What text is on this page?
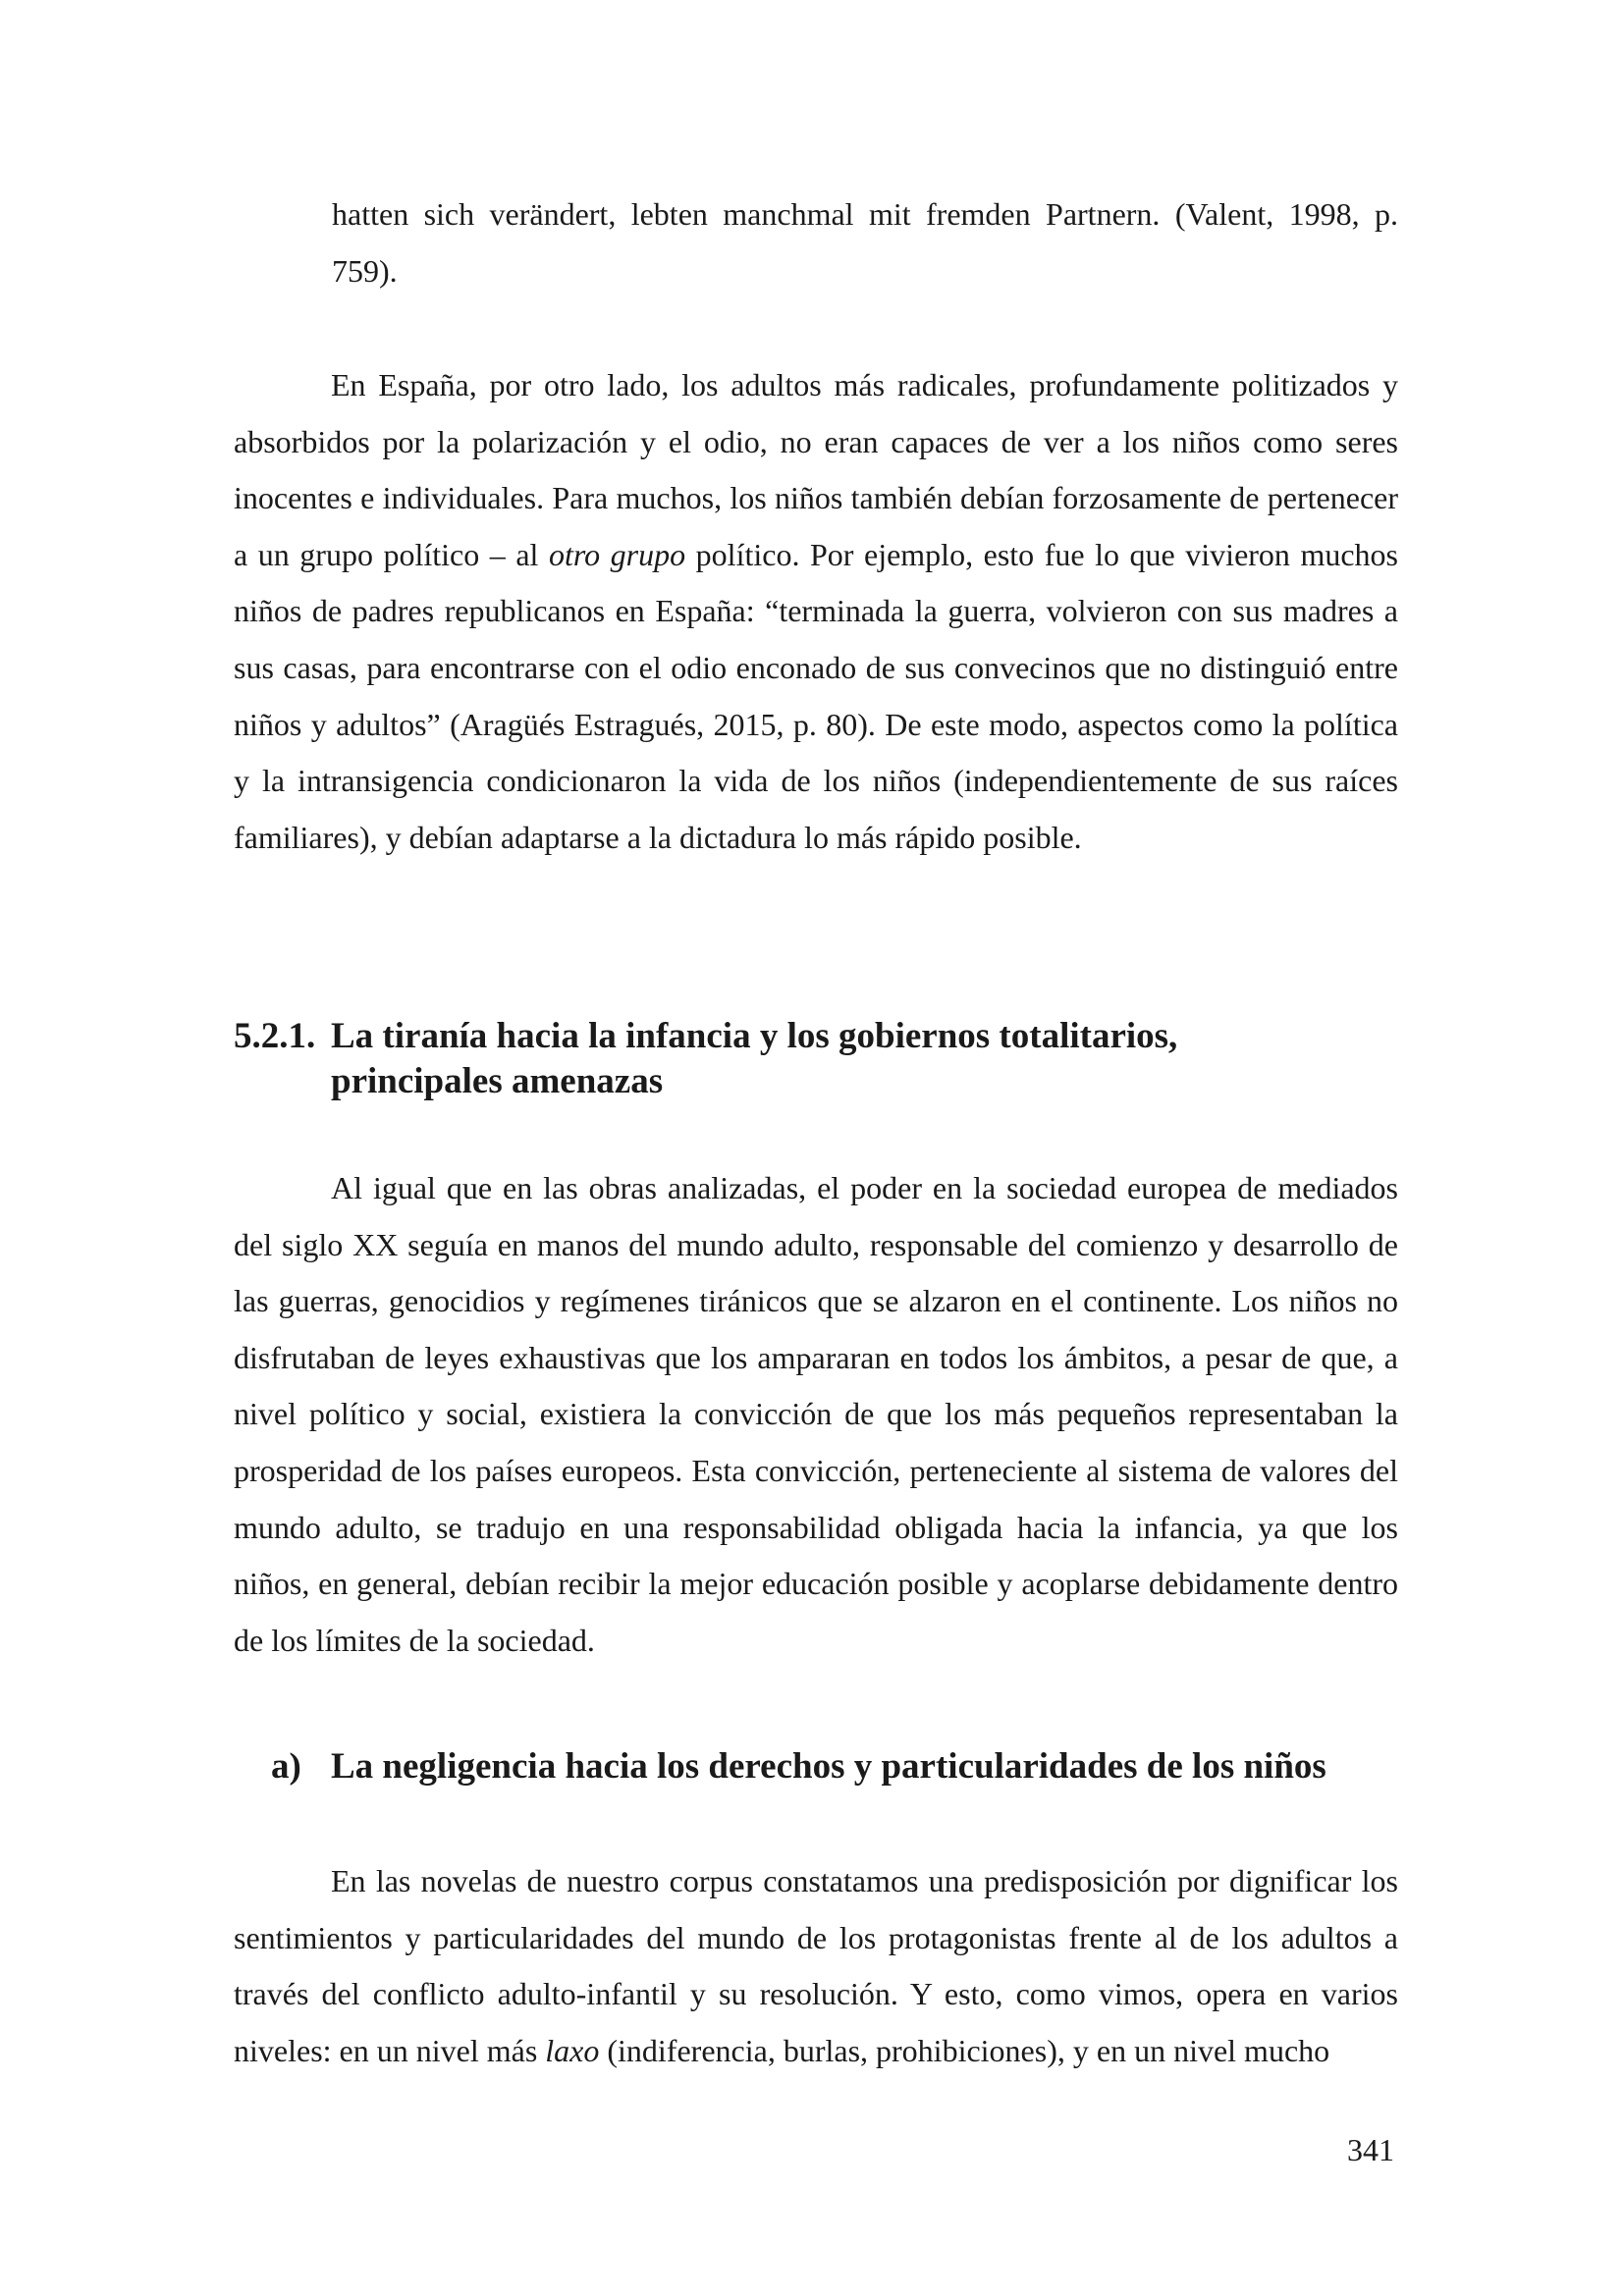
hatten sich verändert, lebten manchmal mit fremden Partnern. (Valent, 1998, p. 759).

En España, por otro lado, los adultos más radicales, profundamente politizados y absorbidos por la polarización y el odio, no eran capaces de ver a los niños como seres inocentes e individuales. Para muchos, los niños también debían forzosamente de pertenecer a un grupo político – al otro grupo político. Por ejemplo, esto fue lo que vivieron muchos niños de padres republicanos en España: “terminada la guerra, volvieron con sus madres a sus casas, para encontrarse con el odio enconado de sus convecinos que no distinguió entre niños y adultos” (Aragüés Estragués, 2015, p. 80). De este modo, aspectos como la política y la intransigencia condicionaron la vida de los niños (independientemente de sus raíces familiares), y debían adaptarse a la dictadura lo más rápido posible.

5.2.1. La tiranía hacia la infancia y los gobiernos totalitarios,
principales amenazas

Al igual que en las obras analizadas, el poder en la sociedad europea de mediados del siglo XX seguía en manos del mundo adulto, responsable del comienzo y desarrollo de las guerras, genocidios y regímenes tiránicos que se alzaron en el continente. Los niños no disfrutaban de leyes exhaustivas que los ampararan en todos los ámbitos, a pesar de que, a nivel político y social, existiera la convicción de que los más pequeños representaban la prosperidad de los países europeos. Esta convicción, perteneciente al sistema de valores del mundo adulto, se tradujo en una responsabilidad obligada hacia la infancia, ya que los niños, en general, debían recibir la mejor educación posible y acoplarse debidamente dentro de los límites de la sociedad.

a) La negligencia hacia los derechos y particularidades de los niños

En las novelas de nuestro corpus constatamos una predisposición por dignificar los sentimientos y particularidades del mundo de los protagonistas frente al de los adultos a través del conflicto adulto-infantil y su resolución. Y esto, como vimos, opera en varios niveles: en un nivel más laxo (indiferencia, burlas, prohibiciones), y en un nivel mucho

341
